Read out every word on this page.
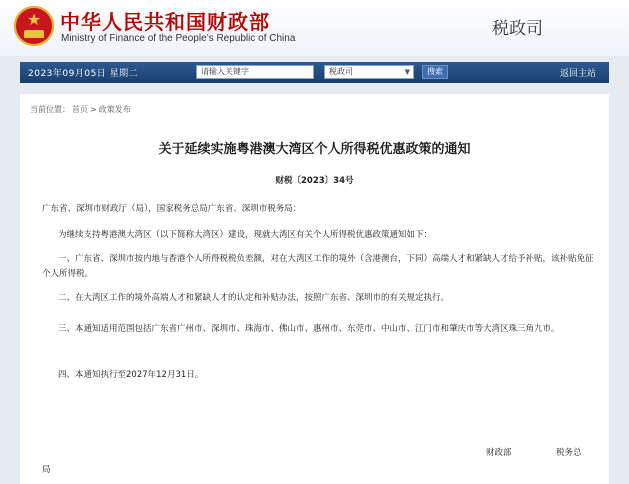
★ 中华人民共和国财政部
Ministry of Finance of the People’s Republic of China	税政司
2023年09月05日 星期二	请输入关键字	税政司	▼	搜索	返回主站
当前位置： 首页 > 政策发布
关于延续实施粤港澳大湾区个人所得税优惠政策的通知
财税〔2023〕34号
广东省、深圳市财政厅（局），国家税务总局广东省、深圳市税务局：
为继续支持粤港澳大湾区（以下简称大湾区）建设，现就大湾区有关个人所得税优惠政策通知如下：
一、广东省、深圳市按内地与香港个人所得税税负差额，对在大湾区工作的境外（含港澳台，下同）高端人才和紧缺人才给予补贴，该补贴免征个人所得税。
二、在大湾区工作的境外高端人才和紧缺人才的认定和补贴办法，按照广东省、深圳市的有关规定执行。
三、本通知适用范围包括广东省广州市、深圳市、珠海市、佛山市、惠州市、东莞市、中山市、江门市和肇庆市等大湾区珠三角九市。
四、本通知执行至2027年12月31日。
财政部	税务总
局
